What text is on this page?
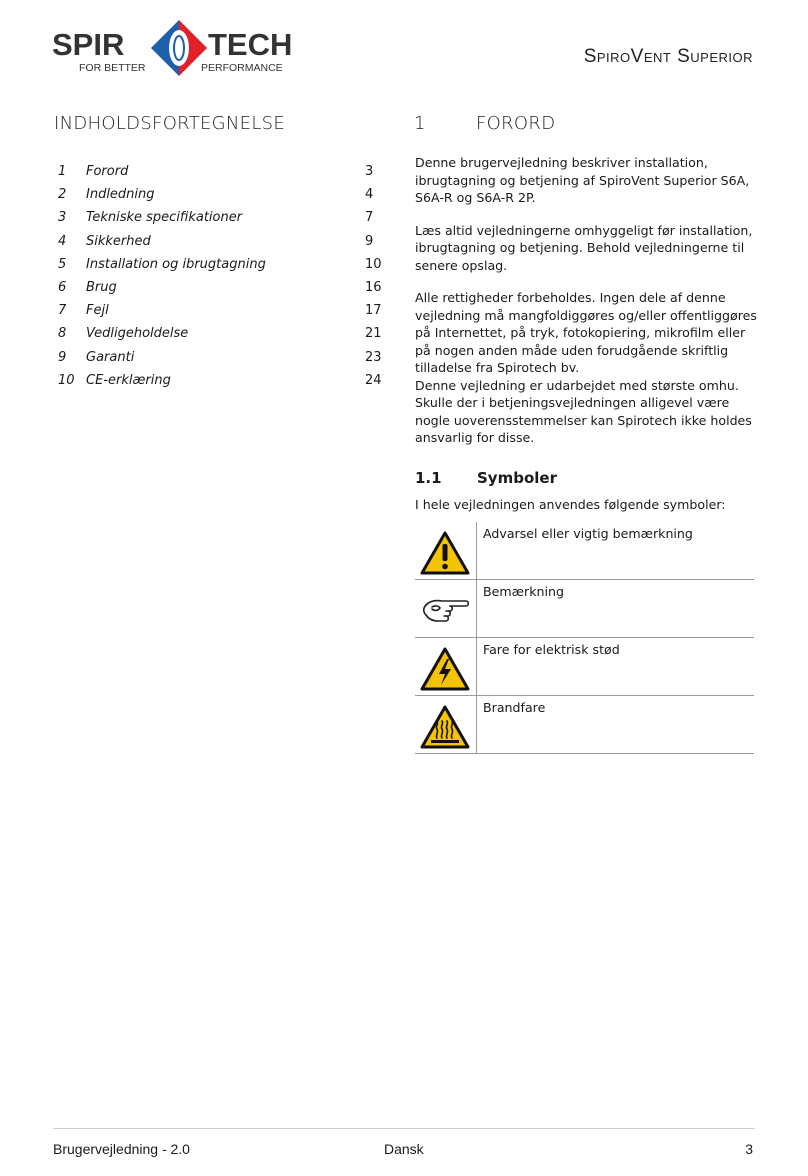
SPIR	TECH
FOR BETTER	PERFORMANCE
SpiroVent Superior
INDHOLDSFORTEGNELSE
1 Forord	3
2 Indledning	4
3 Tekniske specifikationer	7
4 Sikkerhed	9
5 Installation og ibrugtagning	10
6 Brug	16
7 Fejl	17
8 Vedligeholdelse	21
9 Garanti	23
10 CE-erklæring	24
1	FORORD

Denne brugervejledning beskriver installation, ibrugtagning og betjening af SpiroVent Superior S6A, S6A-R og S6A-R 2P.

Læs altid vejledningerne omhyggeligt før installation, ibrugtagning og betjening. Behold vejledningerne til senere opslag.

Alle rettigheder forbeholdes. Ingen dele af denne vejledning må mangfoldiggøres og/eller offentliggøres på Internettet, på tryk, fotokopiering, mikrofilm eller på nogen anden måde uden forudgående skriftlig tilladelse fra Spirotech bv.

Denne vejledning er udarbejdet med største omhu. Skulle der i betjeningsvejledningen alligevel være nogle uoverensstemmelser kan Spirotech ikke holdes ansvarlig for disse.

1.1 Symboler
I hele vejledningen anvendes følgende symboler:
Advarsel eller vigtig bemærkning
Bemærkning
Fare for elektrisk stød
Brandfare
Brugervejledning - 2.0	Dansk	3
